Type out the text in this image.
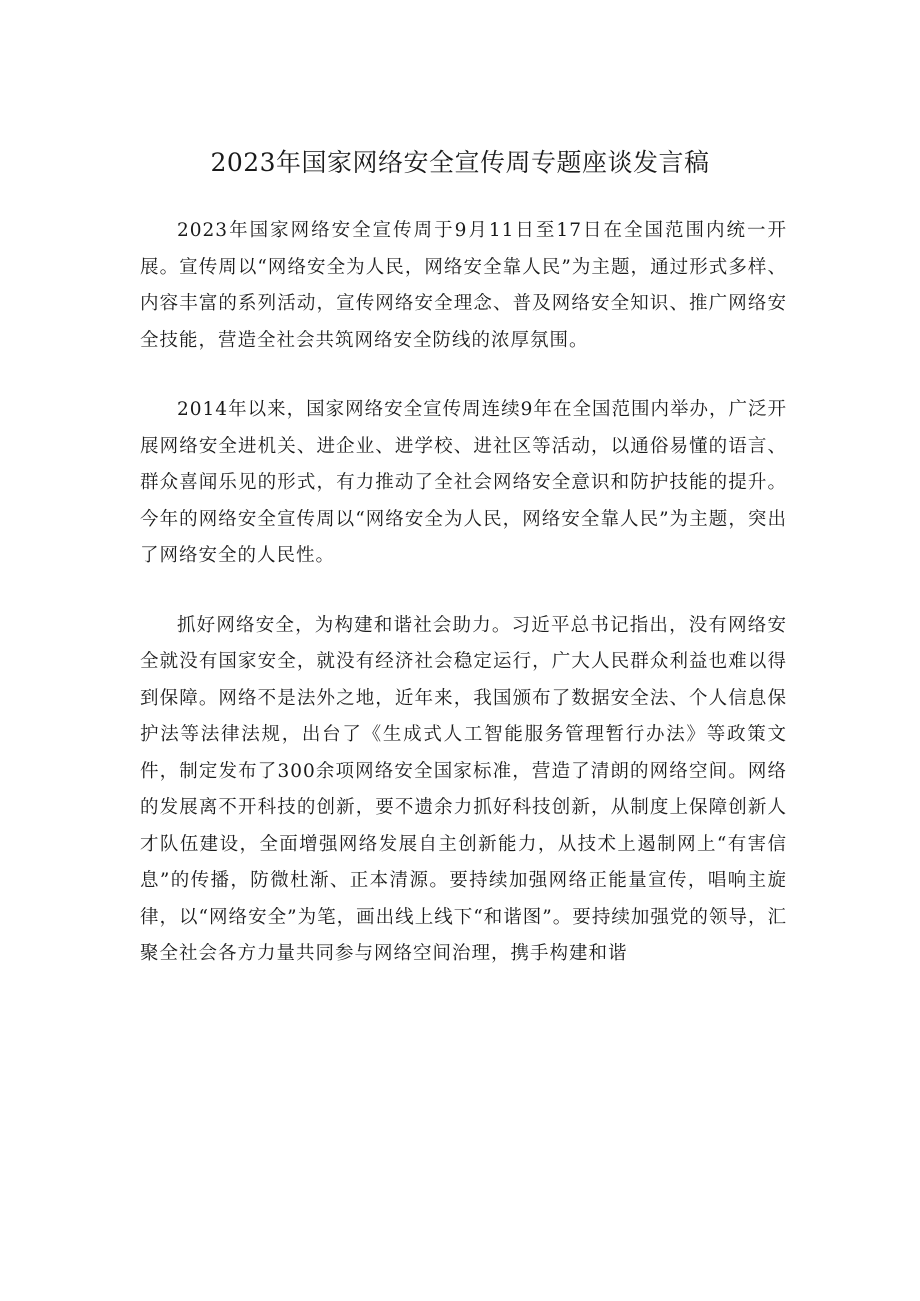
2023年国家网络安全宣传周专题座谈发言稿

2023年国家网络安全宣传周于9月11日至17日在全国范围内统一开展。宣传周以“网络安全为人民，网络安全靠人民”为主题，通过形式多样、内容丰富的系列活动，宣传网络安全理念、普及网络安全知识、推广网络安全技能，营造全社会共筑网络安全防线的浓厚氛围。

2014年以来，国家网络安全宣传周连续9年在全国范围内举办，广泛开展网络安全进机关、进企业、进学校、进社区等活动，以通俗易懂的语言、群众喜闻乐见的形式，有力推动了全社会网络安全意识和防护技能的提升。今年的网络安全宣传周以“网络安全为人民，网络安全靠人民”为主题，突出了网络安全的人民性。

抓好网络安全，为构建和谐社会助力。习近平总书记指出，没有网络安全就没有国家安全，就没有经济社会稳定运行，广大人民群众利益也难以得到保障。网络不是法外之地，近年来，我国颁布了数据安全法、个人信息保护法等法律法规，出台了《生成式人工智能服务管理暂行办法》等政策文件，制定发布了300余项网络安全国家标准，营造了清朗的网络空间。网络的发展离不开科技的创新，要不遗余力抓好科技创新，从制度上保障创新人才队伍建设，全面增强网络发展自主创新能力，从技术上遏制网上“有害信息”的传播，防微杜渐、正本清源。要持续加强网络正能量宣传，唱响主旋律，以“网络安全”为笔，画出线上线下“和谐图”。要持续加强党的领导，汇聚全社会各方力量共同参与网络空间治理，携手构建和谐
